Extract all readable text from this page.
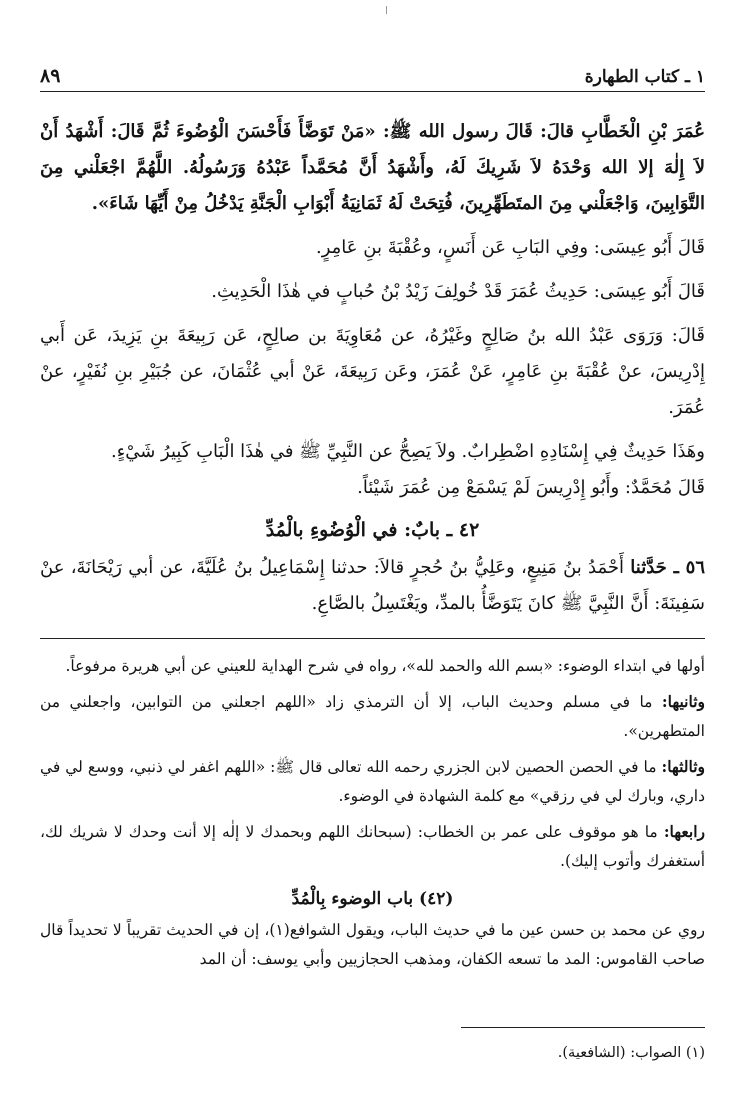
١ ـ كتاب الطهارة
٨٩

عُمَرَ بْنِ الْخَطَّابِ قالَ: قَالَ رسول الله ﷺ: «مَنْ تَوَضَّأَ فَأَحْسَنَ الْوُضُوءَ ثُمَّ قَالَ: أَشْهَدُ أَنْ لاَ إِلٰهَ إلا الله وَحْدَهُ لاَ شَرِيكَ لَهُ، وأَشْهَدُ أَنَّ مُحَمَّداً عَبْدُهُ وَرَسُولُهُ. اللَّهُمَّ اجْعَلْني مِنَ التَّوَابِينَ، وَاجْعَلْني مِنَ المتَطَهِّرِينَ، فُتِحَتْ لَهُ ثَمَانِيَةُ أَبْوَابِ الْجَنَّةِ يَدْخُلُ مِنْ أَيِّهَا شَاءَ».

قَالَ أَبُو عِيسَى: وفِي البَابِ عَن أَنَسٍ، وعُقْبَةَ بنِ عَامِرٍ.

قَالَ أَبُو عِيسَى: حَدِيثُ عُمَرَ قَدْ خُولِفَ زَيْدُ بْنُ حُبابٍ في هٰذَا الْحَدِيثِ.

قَالَ: وَرَوَى عَبْدُ الله بنُ صَالِحٍ وغَيْرُهُ، عن مُعَاوِيَةَ بن صالِحٍ، عَن رَبِيعَةَ بنِ يَزِيدَ، عَن أَبي إِدْرِيسَ، عنْ عُقْبَةَ بنِ عَامِرٍ، عَنْ عُمَرَ، وعَن رَبِيعَةَ، عَنْ أبي عُثْمَانَ، عن جُبَيْرِ بنِ نُفَيْرٍ، عنْ عُمَرَ.

وهَذَا حَدِيثٌ فِي إِسْنَادِهِ اضْطِرابٌ. ولاَ يَصِحُّ عن النَّبِيِّ ﷺ في هٰذَا الْبَابِ كَبِيرُ شَيْءٍ.

قَالَ مُحَمَّدٌ: وأَبُو إِدْرِيسَ لَمْ يَسْمَعْ مِن عُمَرَ شَيْئاً.

٤٢ ـ بابٌ: في الْوُضُوءِ بالْمُدِّ

٥٦ ـ حَدَّثنا أَحْمَدُ بنُ مَنِيعٍ، وعَلِيُّ بنُ حُجرٍ قالاَ: حدثنا إِسْمَاعِيلُ بنُ عُلَيَّةَ، عن أبي رَيْحَانَةَ، عنْ سَفِينَةَ: أَنَّ النَّبِيَّ ﷺ كانَ يَتَوَضَّأُ بالمدِّ، ويَغْتَسِلُ بالصَّاعِ.

أولها في ابتداء الوضوء: «بسم الله والحمد لله»، رواه في شرح الهداية للعيني عن أبي هريرة مرفوعاً.

وثانيها: ما في مسلم وحديث الباب، إلا أن الترمذي زاد «اللهم اجعلني من التوابين، واجعلني من المتطهرين».

وثالثها: ما في الحصن الحصين لابن الجزري رحمه الله تعالى قال ﷺ: «اللهم اغفر لي ذنبي، ووسع لي في داري، وبارك لي في رزقي» مع كلمة الشهادة في الوضوء.

رابعها: ما هو موقوف على عمر بن الخطاب: (سبحانك اللهم وبحمدك لا إلٰه إلا أنت وحدك لا شريك لك، أستغفرك وأتوب إليك).

(٤٢) باب الوضوء بِالْمُدِّ

روي عن محمد بن حسن عين ما في حديث الباب، ويقول الشوافع(١)، إن في الحديث تقريباً لا تحديداً قال صاحب القاموس: المد ما تسعه الكفان، ومذهب الحجازيين وأبي يوسف: أن المد

(١) الصواب: (الشافعية).
